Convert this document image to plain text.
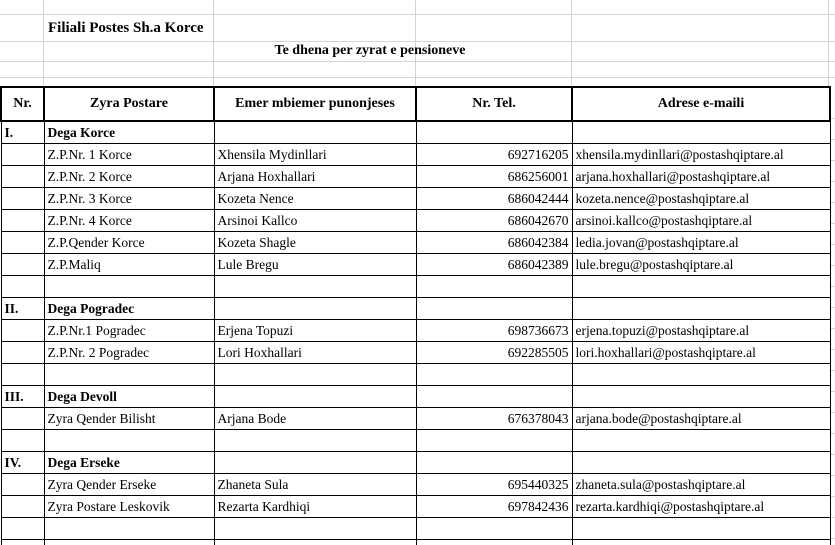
Filiali Postes Sh.a Korce
Te dhena per zyrat e pensioneve
Nr.	Zyra Postare	Emer mbiemer punonjeses	Nr. Tel.	Adrese e-maili
I.	Dega Korce			
	Z.P.Nr. 1 Korce	Xhensila Mydinllari	692716205	xhensila.mydinllari@postashqiptare.al
	Z.P.Nr. 2 Korce	Arjana Hoxhallari	686256001	arjana.hoxhallari@postashqiptare.al
	Z.P.Nr. 3 Korce	Kozeta Nence	686042444	kozeta.nence@postashqiptare.al
	Z.P.Nr. 4 Korce	Arsinoi Kallco	686042670	arsinoi.kallco@postashqiptare.al
	Z.P.Qender Korce	Kozeta Shagle	686042384	ledia.jovan@postashqiptare.al
	Z.P.Maliq	Lule Bregu	686042389	lule.bregu@postashqiptare.al

II.	Dega Pogradec			
	Z.P.Nr.1 Pogradec	Erjena Topuzi	698736673	erjena.topuzi@postashqiptare.al
	Z.P.Nr. 2 Pogradec	Lori Hoxhallari	692285505	lori.hoxhallari@postashqiptare.al

III.	Dega Devoll			
	Zyra Qender Bilisht	Arjana Bode	676378043	arjana.bode@postashqiptare.al

IV.	Dega Erseke			
	Zyra Qender Erseke	Zhaneta Sula	695440325	zhaneta.sula@postashqiptare.al
	Zyra Postare Leskovik	Rezarta Kardhiqi	697842436	rezarta.kardhiqi@postashqiptare.al
